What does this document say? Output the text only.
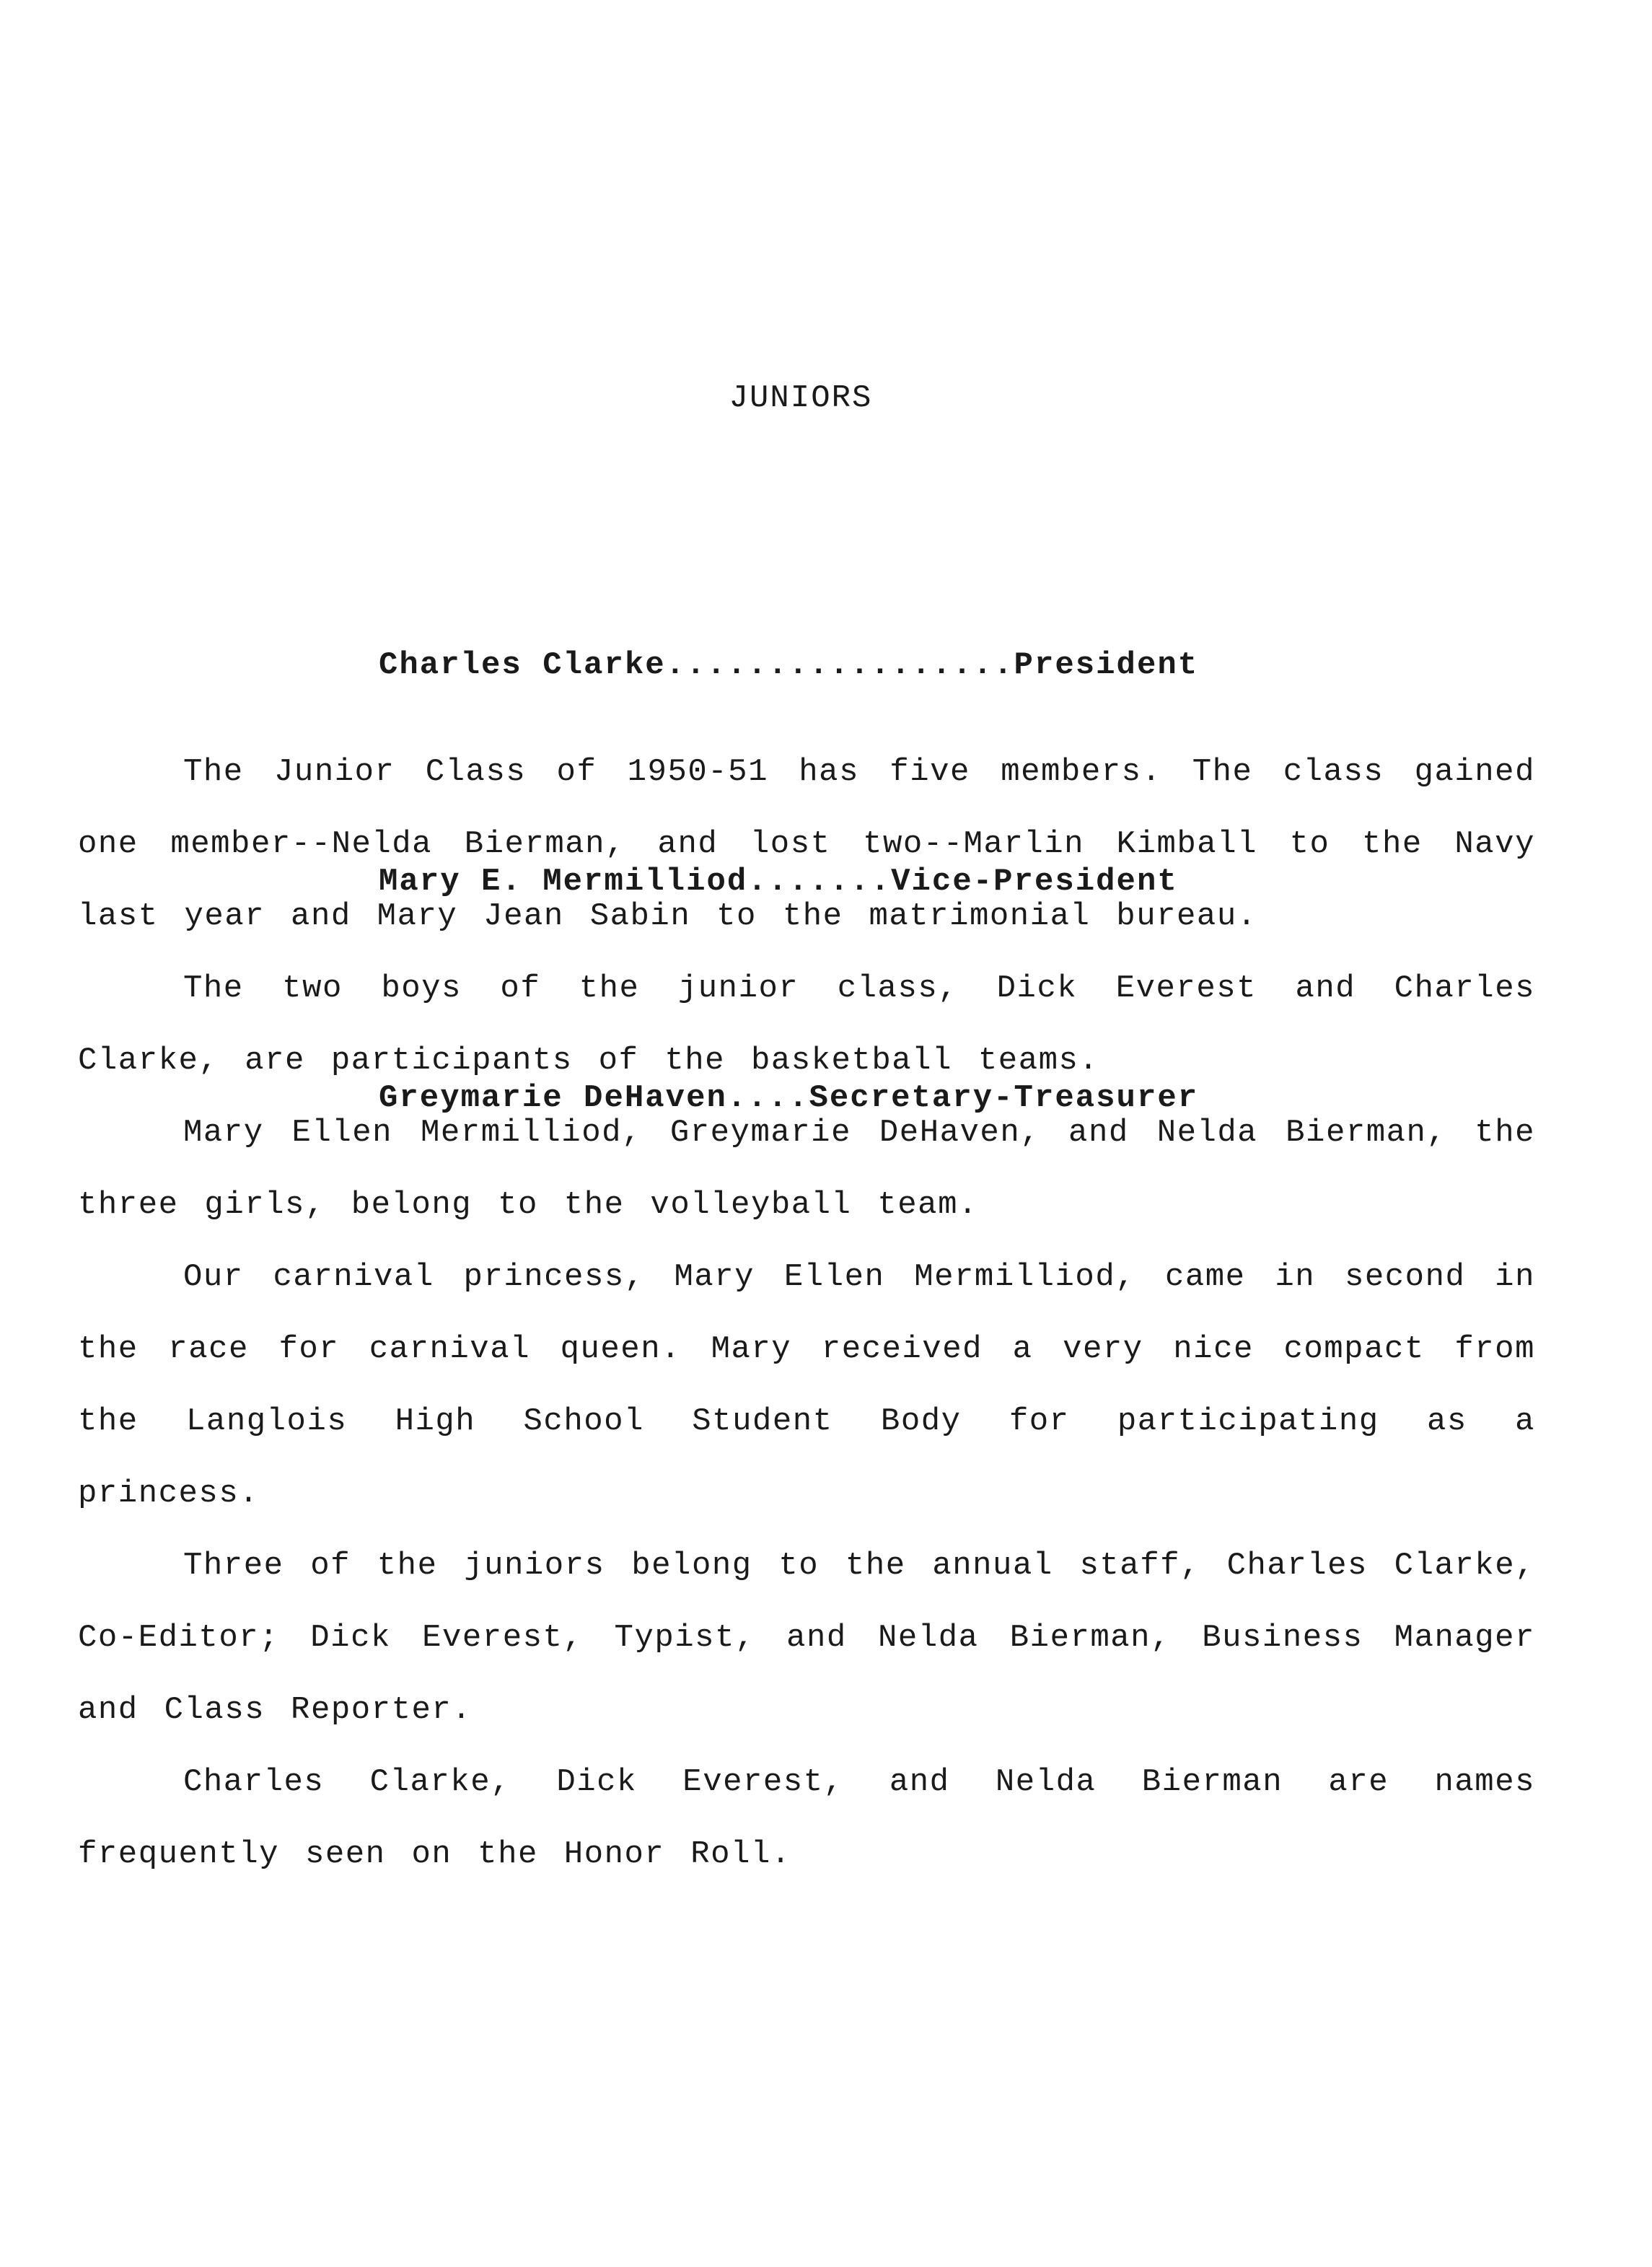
JUNIORS

Charles Clarke.................President

Mary E. Mermilliod.......Vice-President

Greymarie DeHaven....Secretary-Treasurer

The Junior Class of 1950-51 has five members. The class gained one member--Nelda Bierman, and lost two--Marlin Kimball to the Navy last year and Mary Jean Sabin to the matrimonial bureau.

The two boys of the junior class, Dick Everest and Charles Clarke, are participants of the basketball teams.

Mary Ellen Mermilliod, Greymarie DeHaven, and Nelda Bierman, the three girls, belong to the volleyball team.

Our carnival princess, Mary Ellen Mermilliod, came in second in the race for carnival queen. Mary received a very nice compact from the Langlois High School Student Body for participating as a princess.

Three of the juniors belong to the annual staff, Charles Clarke, Co-Editor; Dick Everest, Typist, and Nelda Bierman, Business Manager and Class Reporter.

Charles Clarke, Dick Everest, and Nelda Bierman are names frequently seen on the Honor Roll.
